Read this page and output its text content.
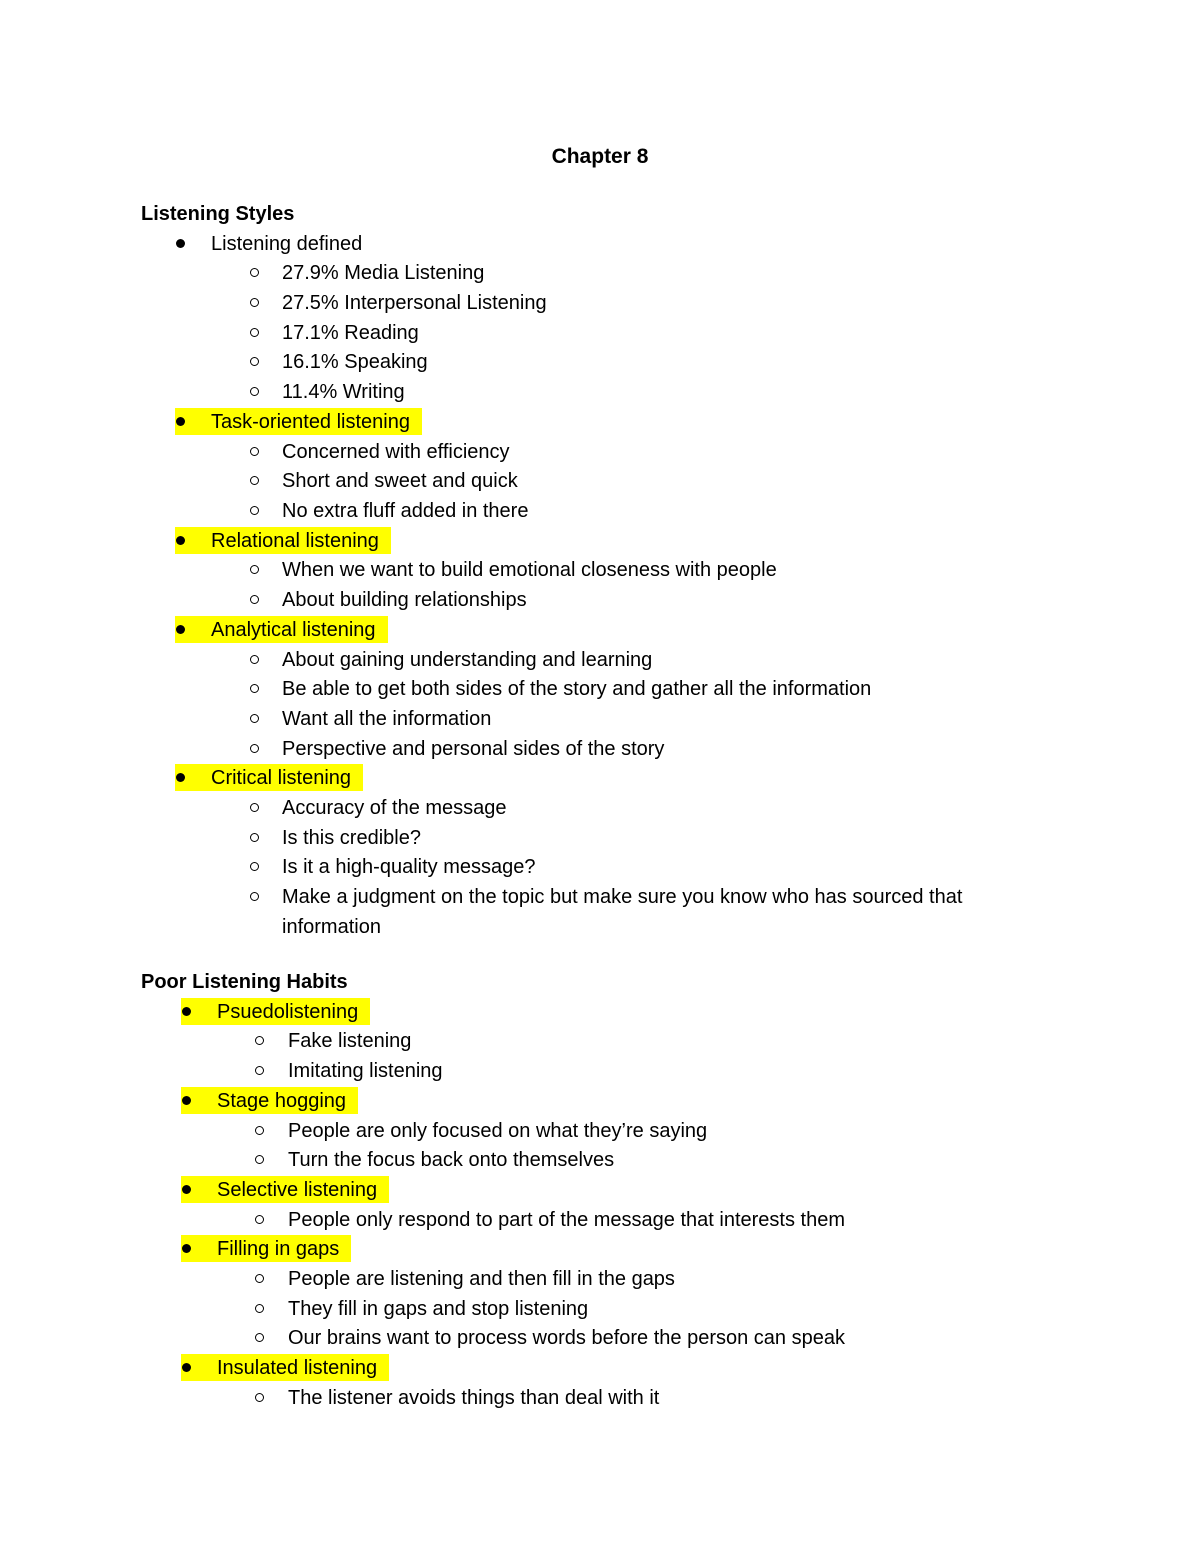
Chapter 8
Listening Styles
Listening defined
27.9% Media Listening
27.5% Interpersonal Listening
17.1% Reading
16.1% Speaking
11.4% Writing
Task-oriented listening
Concerned with efficiency
Short and sweet and quick
No extra fluff added in there
Relational listening
When we want to build emotional closeness with people
About building relationships
Analytical listening
About gaining understanding and learning
Be able to get both sides of the story and gather all the information
Want all the information
Perspective and personal sides of the story
Critical listening
Accuracy of the message
Is this credible?
Is it a high-quality message?
Make a judgment on the topic but make sure you know who has sourced that information
Poor Listening Habits
Psuedolistening
Fake listening
Imitating listening
Stage hogging
People are only focused on what they’re saying
Turn the focus back onto themselves
Selective listening
People only respond to part of the message that interests them
Filling in gaps
People are listening and then fill in the gaps
They fill in gaps and stop listening
Our brains want to process words before the person can speak
Insulated listening
The listener avoids things than deal with it
